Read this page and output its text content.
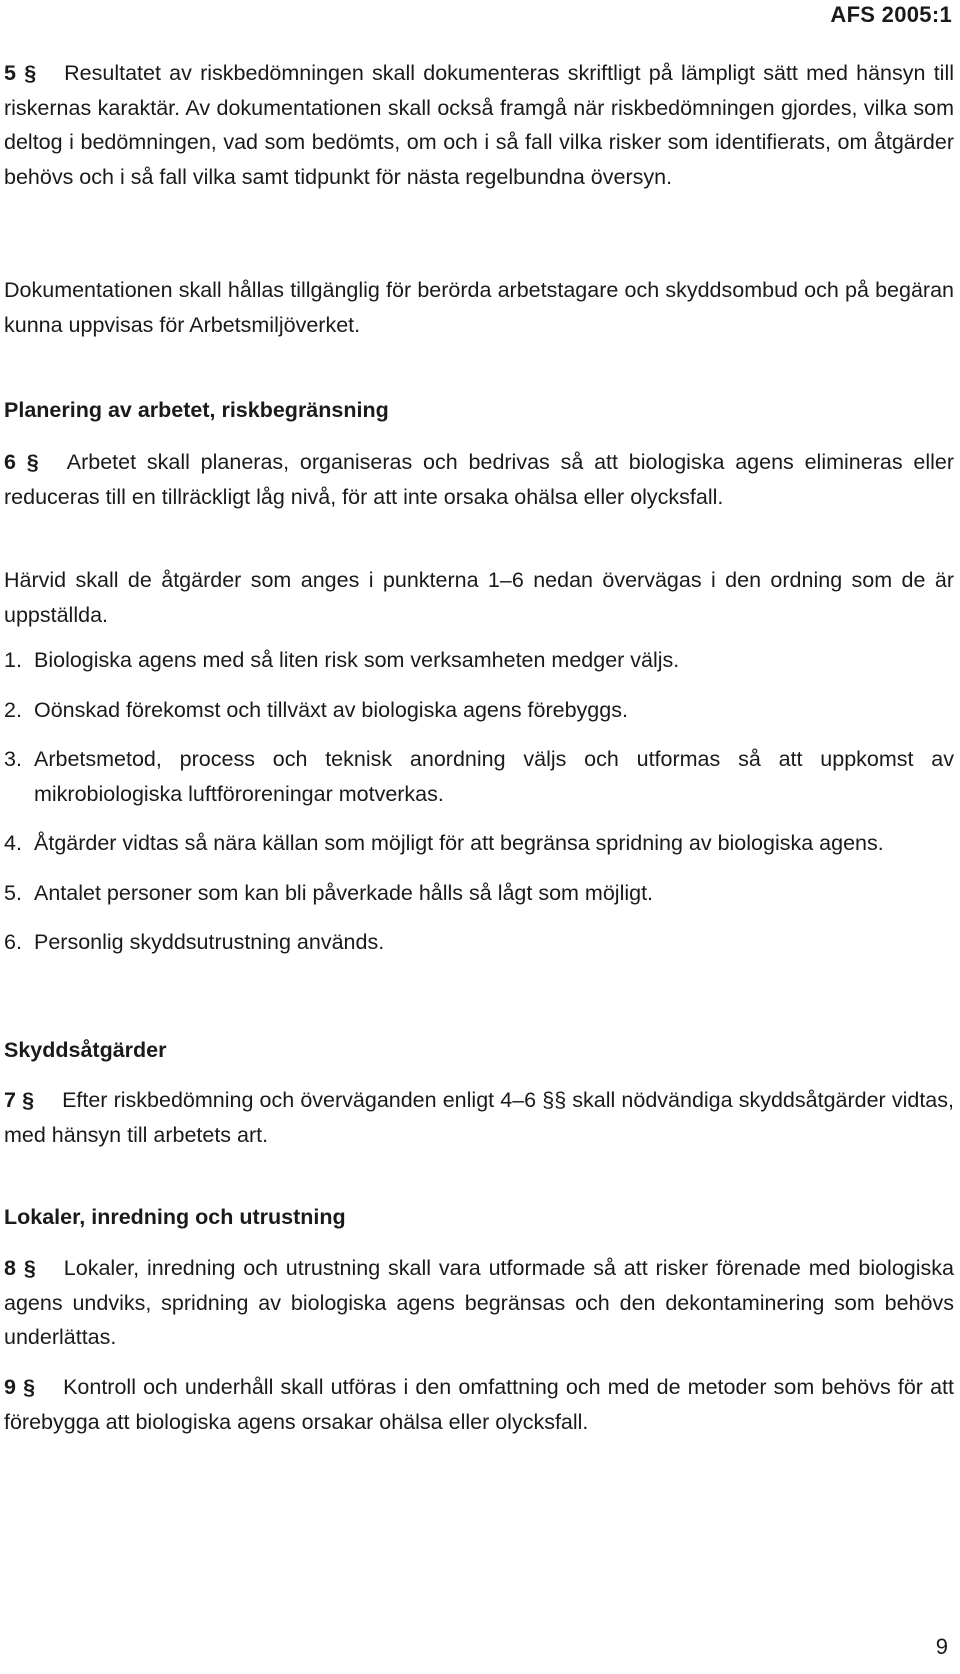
AFS 2005:1

5 § Resultatet av riskbedömningen skall dokumenteras skriftligt på lämpligt sätt med hänsyn till riskernas karaktär. Av dokumentationen skall också framgå när riskbedömningen gjordes, vilka som deltog i bedömningen, vad som bedömts, om och i så fall vilka risker som identifierats, om åtgärder behövs och i så fall vilka samt tidpunkt för nästa regelbundna översyn.

Dokumentationen skall hållas tillgänglig för berörda arbetstagare och skyddsombud och på begäran kunna uppvisas för Arbetsmiljöverket.

Planering av arbetet, riskbegränsning

6 § Arbetet skall planeras, organiseras och bedrivas så att biologiska agens elimineras eller reduceras till en tillräckligt låg nivå, för att inte orsaka ohälsa eller olycksfall.

Härvid skall de åtgärder som anges i punkterna 1–6 nedan övervägas i den ordning som de är uppställda.

1. Biologiska agens med så liten risk som verksamheten medger väljs.
2. Oönskad förekomst och tillväxt av biologiska agens förebyggs.
3. Arbetsmetod, process och teknisk anordning väljs och utformas så att uppkomst av mikrobiologiska luftföroreningar motverkas.
4. Åtgärder vidtas så nära källan som möjligt för att begränsa spridning av biologiska agens.
5. Antalet personer som kan bli påverkade hålls så lågt som möjligt.
6. Personlig skyddsutrustning används.
Skyddsåtgärder

7 § Efter riskbedömning och överväganden enligt 4–6 §§ skall nödvändiga skyddsåtgärder vidtas, med hänsyn till arbetets art.

Lokaler, inredning och utrustning

8 § Lokaler, inredning och utrustning skall vara utformade så att risker förenade med biologiska agens undviks, spridning av biologiska agens begränsas och den dekontaminering som behövs underlättas.

9 § Kontroll och underhåll skall utföras i den omfattning och med de metoder som behövs för att förebygga att biologiska agens orsakar ohälsa eller olycksfall.

9
